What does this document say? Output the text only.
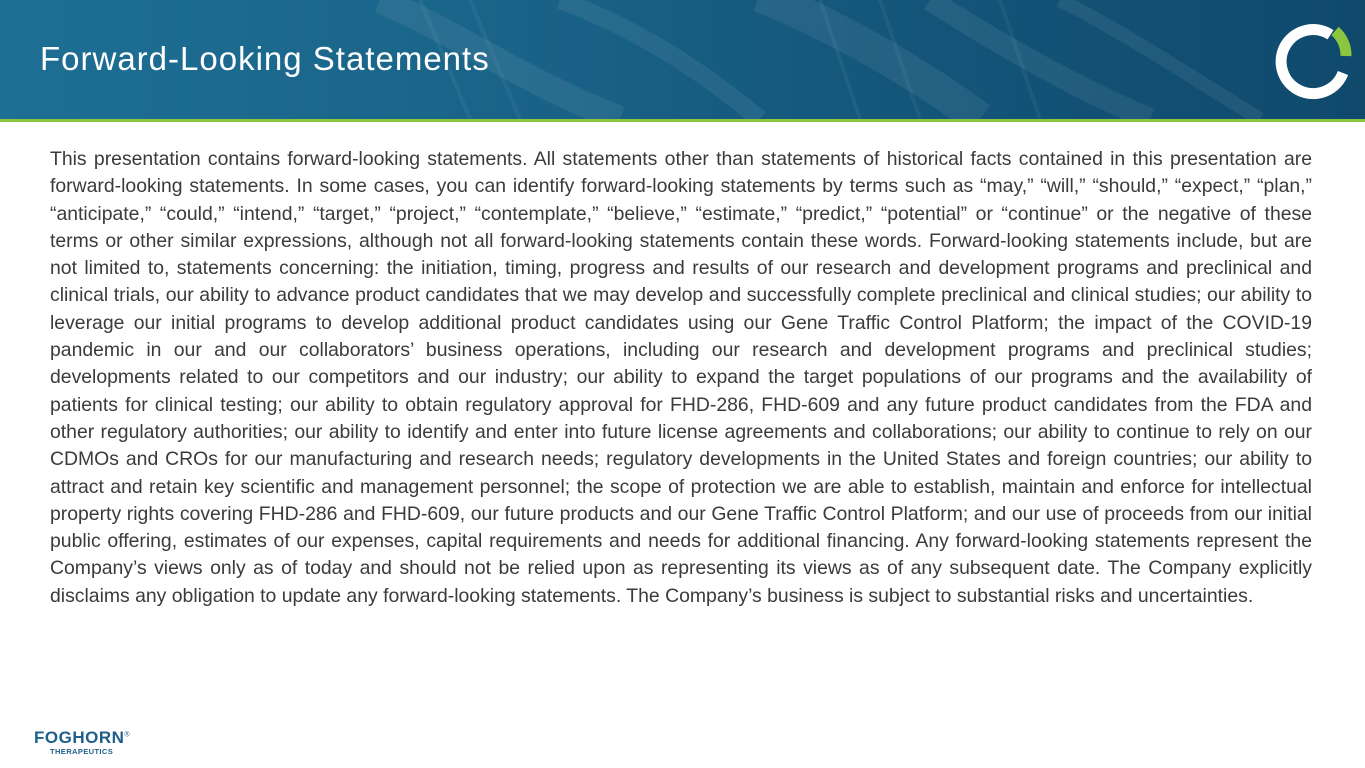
Forward-Looking Statements

This presentation contains forward-looking statements. All statements other than statements of historical facts contained in this presentation are forward-looking statements. In some cases, you can identify forward-looking statements by terms such as “may,” “will,” “should,” “expect,” “plan,” “anticipate,” “could,” “intend,” “target,” “project,” “contemplate,” “believe,” “estimate,” “predict,” “potential” or “continue” or the negative of these terms or other similar expressions, although not all forward-looking statements contain these words. Forward-looking statements include, but are not limited to, statements concerning: the initiation, timing, progress and results of our research and development programs and preclinical and clinical trials, our ability to advance product candidates that we may develop and successfully complete preclinical and clinical studies; our ability to leverage our initial programs to develop additional product candidates using our Gene Traffic Control Platform; the impact of the COVID-19 pandemic in our and our collaborators’ business operations, including our research and development programs and preclinical studies; developments related to our competitors and our industry; our ability to expand the target populations of our programs and the availability of patients for clinical testing; our ability to obtain regulatory approval for FHD-286, FHD-609 and any future product candidates from the FDA and other regulatory authorities; our ability to identify and enter into future license agreements and collaborations; our ability to continue to rely on our CDMOs and CROs for our manufacturing and research needs; regulatory developments in the United States and foreign countries; our ability to attract and retain key scientific and management personnel; the scope of protection we are able to establish, maintain and enforce for intellectual property rights covering FHD-286 and FHD-609, our future products and our Gene Traffic Control Platform; and our use of proceeds from our initial public offering, estimates of our expenses, capital requirements and needs for additional financing. Any forward-looking statements represent the Company’s views only as of today and should not be relied upon as representing its views as of any subsequent date. The Company explicitly disclaims any obligation to update any forward-looking statements. The Company’s business is subject to substantial risks and uncertainties.

FOGHORN®
THERAPEUTICS
